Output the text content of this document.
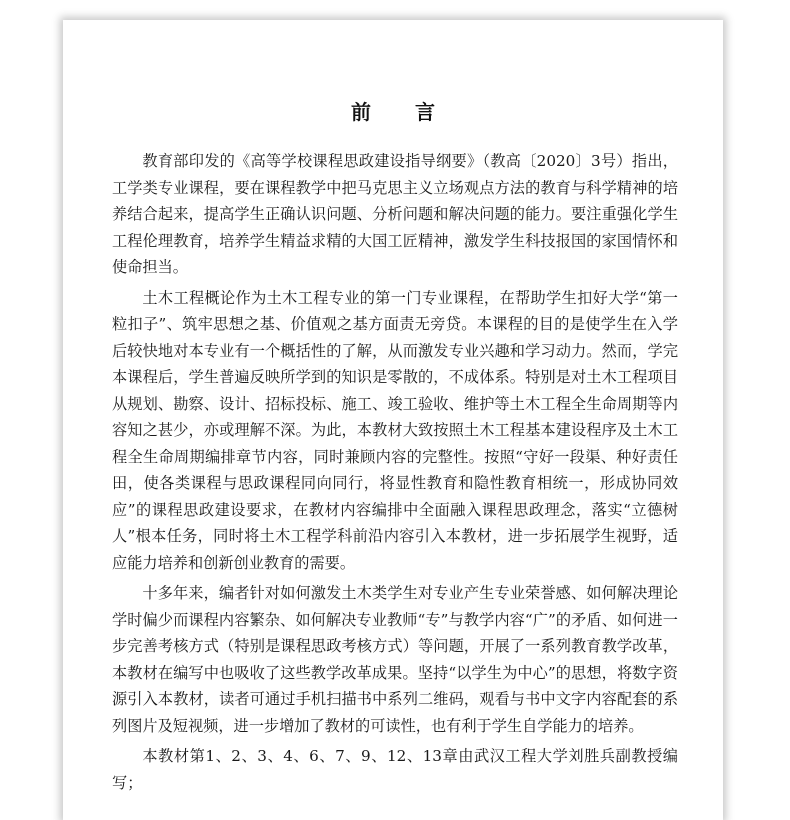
前 言

教育部印发的《高等学校课程思政建设指导纲要》（教高〔2020〕3号）指出，工学类专业课程，要在课程教学中把马克思主义立场观点方法的教育与科学精神的培养结合起来，提高学生正确认识问题、分析问题和解决问题的能力。要注重强化学生工程伦理教育，培养学生精益求精的大国工匠精神，激发学生科技报国的家国情怀和使命担当。

土木工程概论作为土木工程专业的第一门专业课程，在帮助学生扣好大学“第一粒扣子”、筑牢思想之基、价值观之基方面责无旁贷。本课程的目的是使学生在入学后较快地对本专业有一个概括性的了解，从而激发专业兴趣和学习动力。然而，学完本课程后，学生普遍反映所学到的知识是零散的，不成体系。特别是对土木工程项目从规划、勘察、设计、招标投标、施工、竣工验收、维护等土木工程全生命周期等内容知之甚少，亦或理解不深。为此，本教材大致按照土木工程基本建设程序及土木工程全生命周期编排章节内容，同时兼顾内容的完整性。按照“守好一段渠、种好责任田，使各类课程与思政课程同向同行，将显性教育和隐性教育相统一，形成协同效应”的课程思政建设要求，在教材内容编排中全面融入课程思政理念，落实“立德树人”根本任务，同时将土木工程学科前沿内容引入本教材，进一步拓展学生视野，适应能力培养和创新创业教育的需要。

十多年来，编者针对如何激发土木类学生对专业产生专业荣誉感、如何解决理论学时偏少而课程内容繁杂、如何解决专业教师“专”与教学内容“广”的矛盾、如何进一步完善考核方式（特别是课程思政考核方式）等问题，开展了一系列教育教学改革，本教材在编写中也吸收了这些教学改革成果。坚持“以学生为中心”的思想，将数字资源引入本教材，读者可通过手机扫描书中系列二维码，观看与书中文字内容配套的系列图片及短视频，进一步增加了教材的可读性，也有利于学生自学能力的培养。

本教材第1、2、3、4、6、7、9、12、13章由武汉工程大学刘胜兵副教授编写；
